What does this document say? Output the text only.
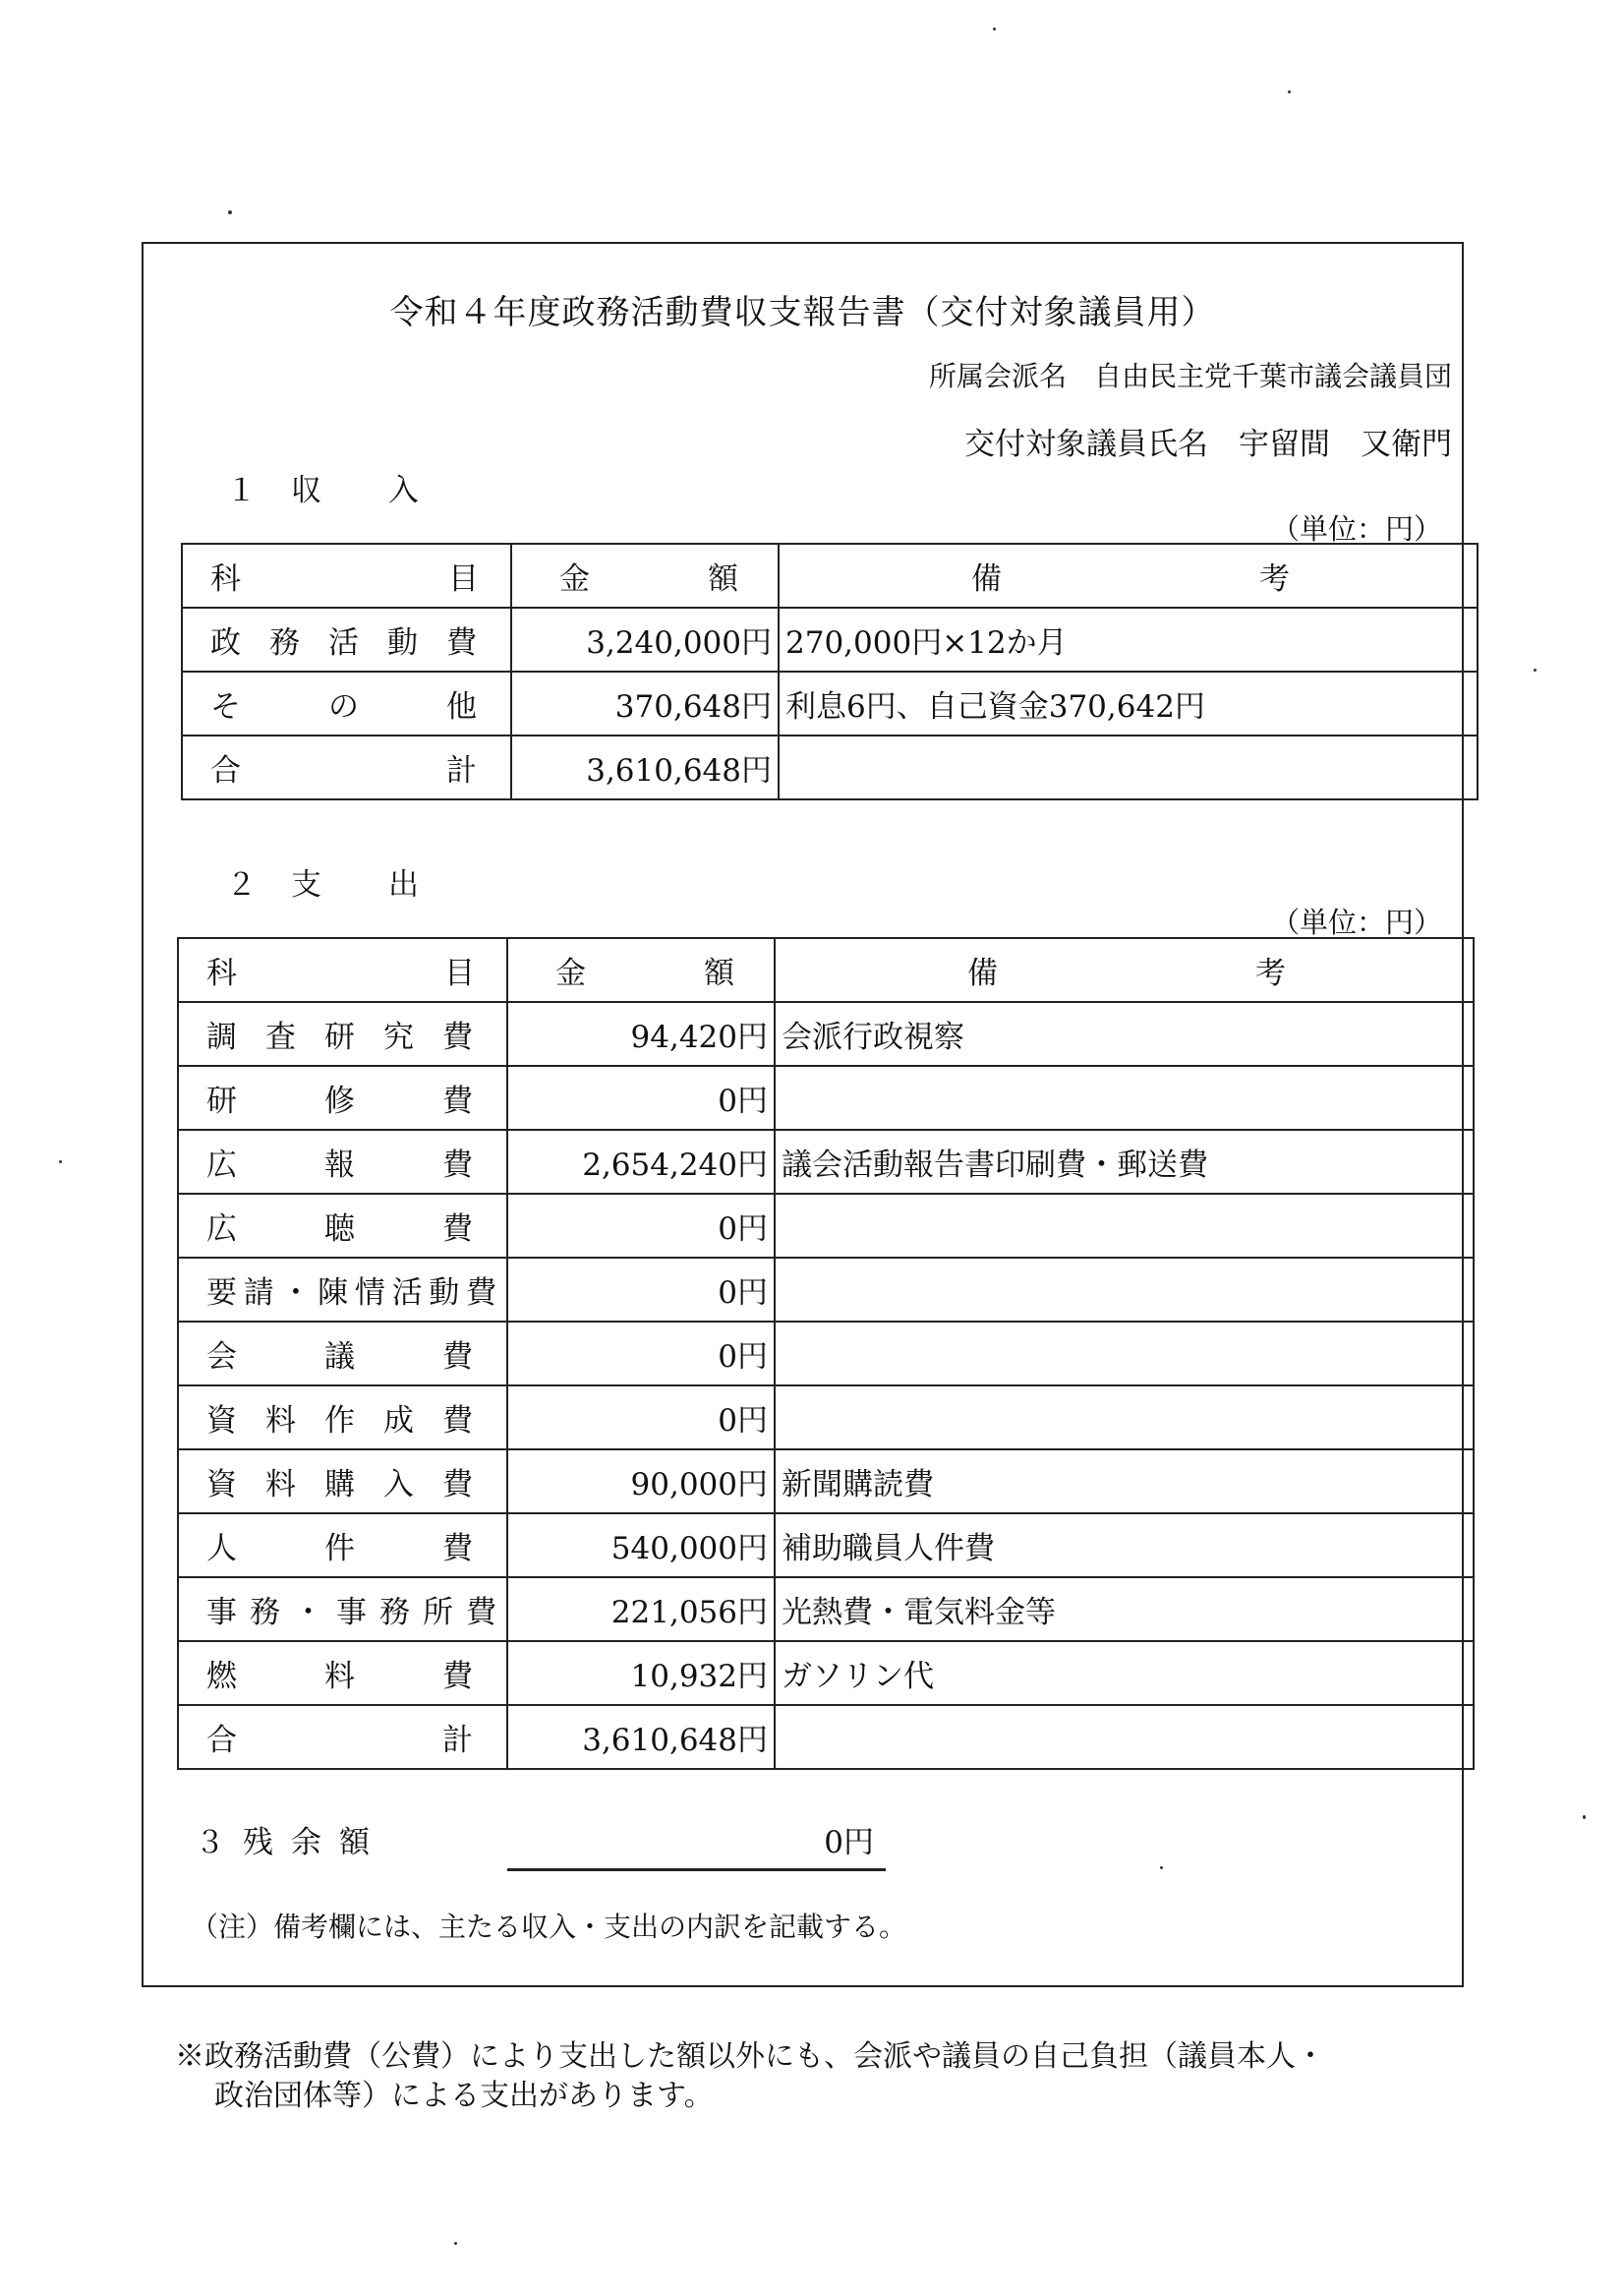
令和４年度政務活動費収支報告書（交付対象議員用）
所属会派名　自由民主党千葉市議会議員団
交付対象議員氏名　宇留間　又衛門
１　収　　入
（単位：円）
科目	金額	備考
政務活動費	3,240,000円	270,000円×12か月
その他	370,648円	利息6円、自己資金370,642円
合計	3,610,648円	
２　支　　出
（単位：円）
科目	金額	備考
調査研究費	94,420円	会派行政視察
研修費	0円	
広報費	2,654,240円	議会活動報告書印刷費・郵送費
広聴費	0円	
要請・陳情活動費	0円	
会議費	0円	
資料作成費	0円	
資料購入費	90,000円	新聞購読費
人件費	540,000円	補助職員人件費
事務・事務所費	221,056円	光熱費・電気料金等
燃料費	10,932円	ガソリン代
合計	3,610,648円	
３残余額	0円
（注）備考欄には、主たる収入・支出の内訳を記載する。
※政務活動費（公費）により支出した額以外にも、会派や議員の自己負担（議員本人・
政治団体等）による支出があります。
